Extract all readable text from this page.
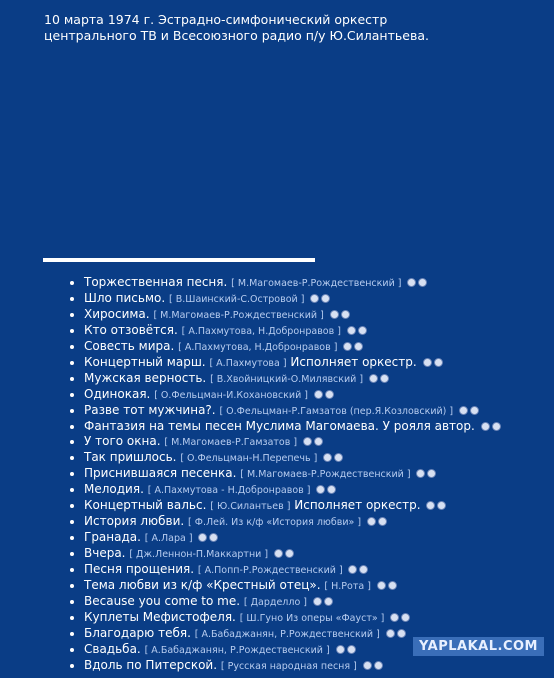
10 марта 1974 г. Эстрадно-симфонический оркестр
центрального ТВ и Всесоюзного радио п/у Ю.Силантьева.
• Торжественная песня. [ М.Магомаев-Р.Рождественский ]
• Шло письмо. [ В.Шаинский-С.Островой ]
• Хиросима. [ М.Магомаев-Р.Рождественский ]
• Кто отзовётся. [ А.Пахмутова, Н.Добронравов ]
• Совесть мира. [ А.Пахмутова, Н.Добронравов ]
• Концертный марш. [ А.Пахмутова ] Исполняет оркестр.
• Мужская верность. [ В.Хвойницкий-О.Милявский ]
• Одинокая. [ О.Фельцман-И.Кохановский ]
• Разве тот мужчина?. [ О.Фельцман-Р.Гамзатов (пер.Я.Козловский) ]
• Фантазия на темы песен Муслима Магомаева. У рояля автор.
• У того окна. [ М.Магомаев-Р.Гамзатов ]
• Так пришлось. [ О.Фельцман-Н.Перепечь ]
• Приснившаяся песенка. [ М.Магомаев-Р.Рождественский ]
• Мелодия. [ А.Пахмутова - Н.Добронравов ]
• Концертный вальс. [ Ю.Силантьев ] Исполняет оркестр.
• История любви. [ Ф.Лей. Из к/ф «История любви» ]
• Гранада. [ А.Лара ]
• Вчера. [ Дж.Леннон-П.Маккартни ]
• Песня прощения. [ А.Попп-Р.Рождественский ]
• Тема любви из к/ф «Крестный отец». [ Н.Рота ]
• Because you come to me. [ Дарделло ]
• Куплеты Мефистофеля. [ Ш.Гуно Из оперы «Фауст» ]
• Благодарю тебя. [ А.Бабаджанян, Р.Рождественский ]
• Свадьба. [ А.Бабаджанян, Р.Рождественский ]
• Вдоль по Питерской. [ Русская народная песня ]
YAPLAKAL.COM
